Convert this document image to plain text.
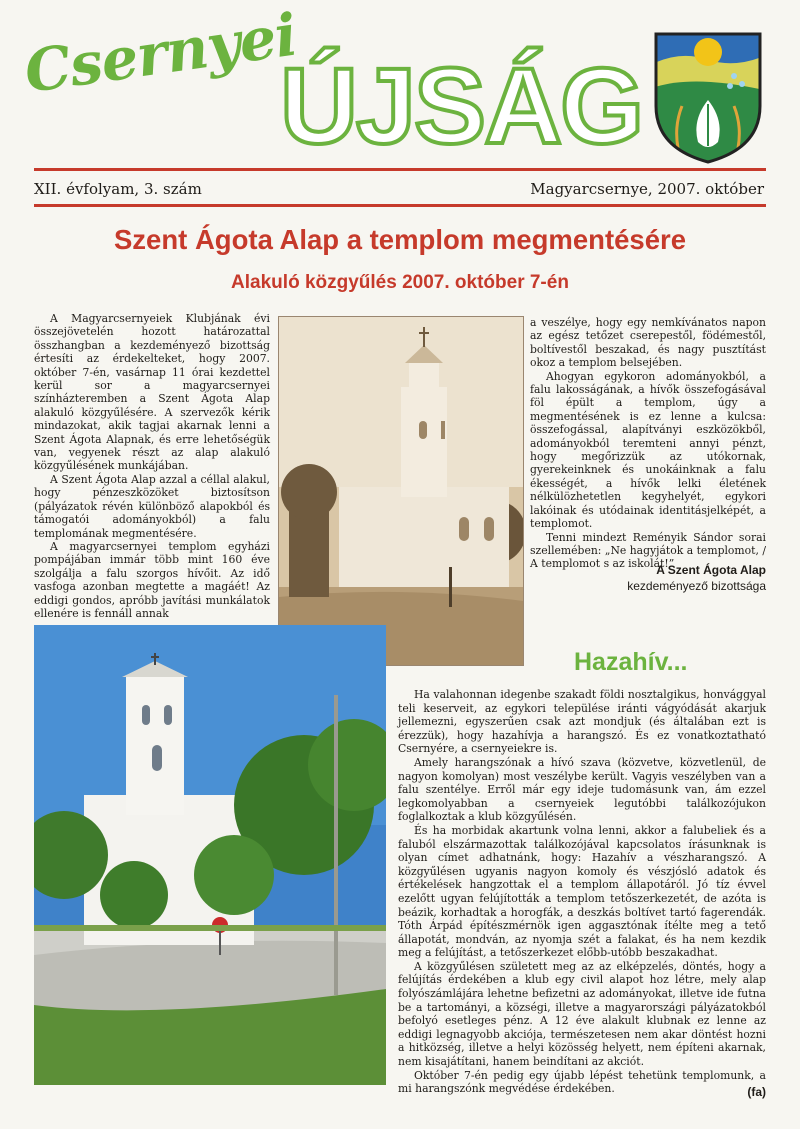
Csernyei
ÚJSÁG
XII. évfolyam, 3. szám	Magyarcsernye, 2007. október
Szent Ágota Alap a templom megmentésére
Alakuló közgyűlés 2007. október 7-én

A Magyarcsernyeiek Klubjának évi összejövetelén hozott határozattal összhangban a kezdeményező bizottság értesíti az érdekelteket, hogy 2007. október 7-én, vasárnap 11 órai kezdettel kerül sor a magyarcsernyei színházteremben a Szent Ágota Alap alakuló közgyűlésére. A szervezők kérik mindazokat, akik tagjai akarnak lenni a Szent Ágota Alapnak, és erre lehetőségük van, vegyenek részt az alap alakuló közgyűlésének munkájában.

A Szent Ágota Alap azzal a céllal alakul, hogy pénzeszközöket biztosítson (pályázatok révén különböző alapokból és támogatói adományokból) a falu templomának megmentésére.

A magyarcsernyei templom egyházi pompájában immár több mint 160 éve szolgálja a falu szorgos hívőit. Az idő vasfoga azonban megtette a magáét! Az eddigi gondos, apróbb javítási munkálatok ellenére is fennáll annak

a veszélye, hogy egy nemkívánatos napon az egész tetőzet cserepestől, födémestől, boltívestől beszakad, és nagy pusztítást okoz a templom belsejében.

Ahogyan egykoron adományokból, a falu lakosságának, a hívők összefogásával föl épült a templom, úgy a megmentésének is ez lenne a kulcsa: összefogással, alapítványi eszközökből, adományokból teremteni annyi pénzt, hogy megőrizzük az utókornak, gyerekeinknek és unokáinknak a falu ékességét, a hívők lelki életének nélkülözhetetlen kegyhelyét, egykori lakóinak és utódainak identitásjelképét, a templomot.

Tenni mindezt Reményik Sándor sorai szellemében: „Ne hagyjátok a templomot, / A templomot s az iskolát!”

A Szent Ágota Alap
kezdeményező bizottsága
Hazahív...

Ha valahonnan idegenbe szakadt földi nosztalgikus, honvággyal teli keserveit, az egykori települése iránti vágyódását akarjuk jellemezni, egyszerűen csak azt mondjuk (és általában ezt is érezzük), hogy hazahívja a harangszó. És ez vonatkoztatható Csernyére, a csernyeiekre is.

Amely harangszónak a hívó szava (közvetve, közvetlenül, de nagyon komolyan) most veszélybe került. Vagyis veszélyben van a falu szentélye. Erről már egy ideje tudomásunk van, ám ezzel legkomolyabban a csernyeiek legutóbbi találkozójukon foglalkoztak a klub közgyűlésén.

És ha morbidak akartunk volna lenni, akkor a falubeliek és a faluból elszármazottak találkozójával kapcsolatos írásunknak is olyan címet adhatnánk, hogy: Hazahív a vészharangszó. A közgyűlésen ugyanis nagyon komoly és vészjósló adatok és értékelések hangzottak el a templom állapotáról. Jó tíz évvel ezelőtt ugyan felújították a templom tetőszerkezetét, de azóta is beázik, korhadtak a horogfák, a deszkás boltívet tartó fagerendák. Tóth Árpád építészmérnök igen aggasztónak ítélte meg a tető állapotát, mondván, az nyomja szét a falakat, és ha nem kezdik meg a felújítást, a tetőszerkezet előbb-utóbb beszakadhat.

A közgyűlésen született meg az az elképzelés, döntés, hogy a felújítás érdekében a klub egy civil alapot hoz létre, mely alap folyószámlájára lehetne befizetni az adományokat, illetve ide futna be a tartományi, a községi, illetve a magyarországi pályázatokból befolyó esetleges pénz. A 12 éve alakult klubnak ez lenne az eddigi legnagyobb akciója, természetesen nem akar döntést hozni a hitközség, illetve a helyi közösség helyett, nem építeni akarnak, nem kisajátítani, hanem beindítani az akciót.

Október 7-én pedig egy újabb lépést tehetünk templomunk, a mi harangszónk megvédése érdekében.	(fa)
